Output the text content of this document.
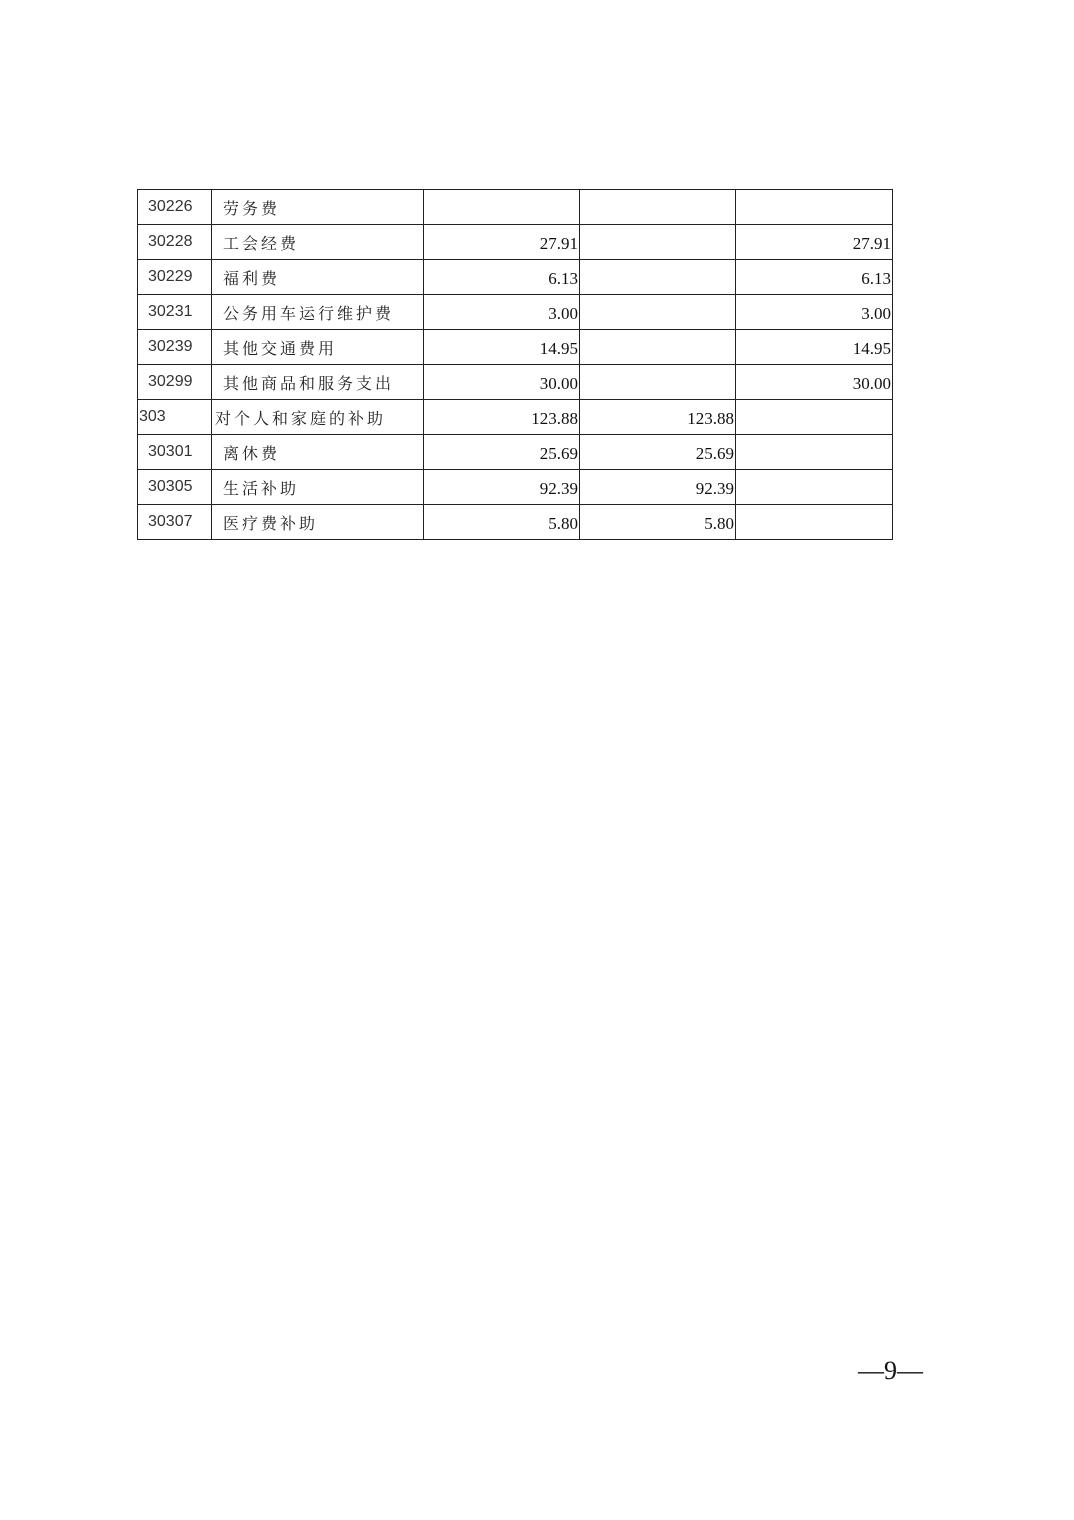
30226	劳务费			
30228	工会经费	27.91		27.91
30229	福利费	6.13		6.13
30231	公务用车运行维护费	3.00		3.00
30239	其他交通费用	14.95		14.95
30299	其他商品和服务支出	30.00		30.00
303	对个人和家庭的补助	123.88	123.88	
30301	离休费	25.69	25.69	
30305	生活补助	92.39	92.39	
30307	医疗费补助	5.80	5.80	
—9—
